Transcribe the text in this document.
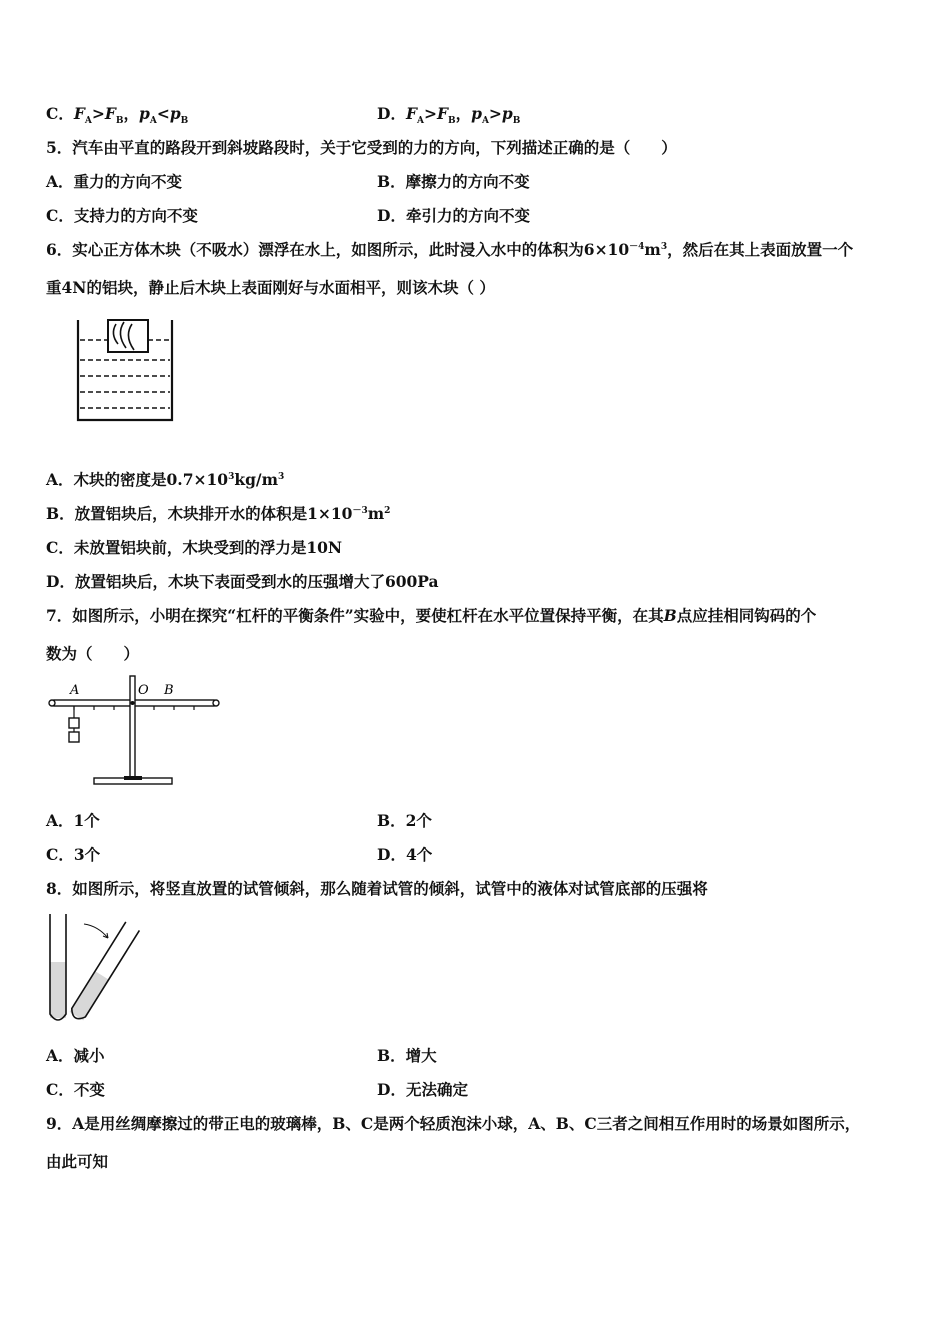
C．$F_A>F_B$，$p_A<p_B$	D．$F_A>F_B$，$p_A>p_B$
5．汽车由平直的路段开到斜坡路段时，关于它受到的力的方向，下列描述正确的是（　　）
A．重力的方向不变	B．摩擦力的方向不变
C．支持力的方向不变	D．牵引力的方向不变
6．实心正方体木块（不吸水）漂浮在水上，如图所示，此时浸入水中的体积为$6\times 10^{-4}m^3$，然后在其上表面放置一个
重4N的铝块，静止后木块上表面刚好与水面相平，则该木块（ ）
A．木块的密度是$0.7\times 10^3kg/m^3$
B．放置铝块后，木块排开水的体积是$1\times 10^{-3}m^2$
C．未放置铝块前，木块受到的浮力是10N
D．放置铝块后，木块下表面受到水的压强增大了600Pa
7．如图所示，小明在探究“杠杆的平衡条件”实验中，要使杠杆在水平位置保持平衡，在其B点应挂相同钩码的个
数为（　　）
A	O B
A．1个	B．2个
C．3个	D．4个
8．如图所示，将竖直放置的试管倾斜，那么随着试管的倾斜，试管中的液体对试管底部的压强将
A．减小	B．增大
C．不变	D．无法确定
9．A是用丝绸摩擦过的带正电的玻璃棒，B、C是两个轻质泡沫小球，A、B、C三者之间相互作用时的场景如图所示，
由此可知
